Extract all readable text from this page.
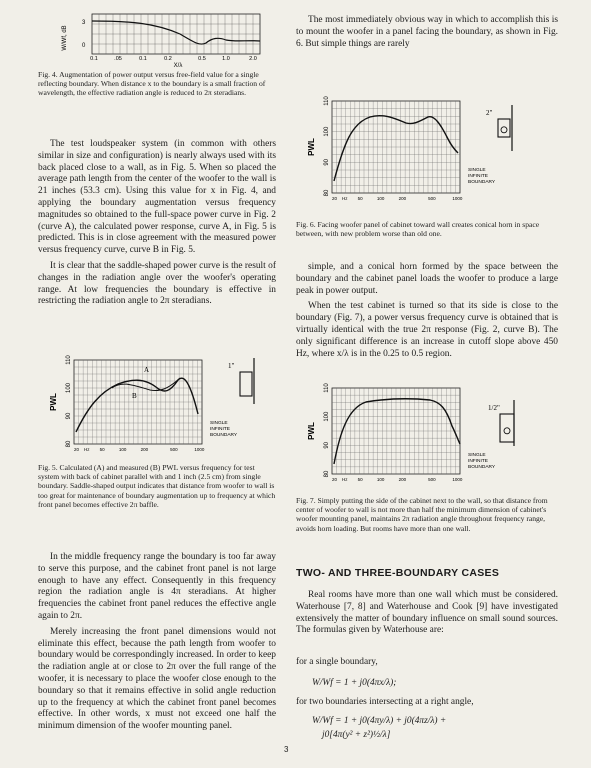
W/Wf, dB
3
0
0.1	.05	0.1	0.2	0.5	1.0	2.0
X/λ
Fig. 4. Augmentation of power output versus free-field value for a single reflecting boundary. When distance x to the boundary is a small fraction of wavelength, the effective radiation angle is reduced to 2π steradians.

The test loudspeaker system (in common with others similar in size and configuration) is nearly always used with its back placed close to a wall, as in Fig. 5. When so placed the average path length from the center of the woofer to the wall is 21 inches (53.3 cm). Using this value for x in Fig. 4, and applying the boundary augmentation versus frequency magnitudes so obtained to the full-space power curve in Fig. 2 (curve A), the calculated power response, curve A, in Fig. 5 is predicted. This is in close agreement with the measured power versus frequency curve, curve B in Fig. 5.

It is clear that the saddle-shaped power curve is the result of changes in the radiation angle over the woofer's operating range. At low frequencies the boundary is effective in restricting the radiation angle to 2π steradians.

PWL
110
100
90
80
20 Hz 50	100	200	500	1000
1"
SINGLE
INFINITE
BOUNDARY
A
B
Fig. 5. Calculated (A) and measured (B) PWL versus frequency for test system with back of cabinet parallel with and 1 inch (2.5 cm) from single boundary. Saddle-shaped output indicates that distance from woofer to wall is too great for maintenance of boundary augmentation up to frequency at which front panel becomes effective 2π baffle.

In the middle frequency range the boundary is too far away to serve this purpose, and the cabinet front panel is not large enough to have any effect. Consequently in this frequency region the radiation angle is 4π steradians. At higher frequencies the cabinet front panel reduces the effective angle again to 2π.

Merely increasing the front panel dimensions would not eliminate this effect, because the path length from woofer to boundary would be correspondingly increased. In order to keep the radiation angle at or close to 2π over the full range of the woofer, it is necessary to place the woofer close enough to the boundary so that it remains effective in solid angle reduction up to the frequency at which the cabinet front panel becomes effective. In other words, x must not exceed one half the minimum dimension of the woofer mounting panel.

The most immediately obvious way in which to accomplish this is to mount the woofer in a panel facing the boundary, as shown in Fig. 6. But simple things are rarely

PWL
110
100
90
80
20 Hz 50	100	200	500	1000
2"
SINGLE
INFINITE
BOUNDARY
Fig. 6. Facing woofer panel of cabinet toward wall creates conical horn in space between, with new problem worse than old one.

simple, and a conical horn formed by the space between the boundary and the cabinet panel loads the woofer to produce a large peak in power output.

When the test cabinet is turned so that its side is close to the boundary (Fig. 7), a power versus frequency curve is obtained that is virtually identical with the true 2π response (Fig. 2, curve B). The only significant difference is an increase in cutoff slope above 450 Hz, where x/λ is in the 0.25 to 0.5 region.

PWL
110
100
90
80
20 Hz 50	100	200	500	1000
1/2"
SINGLE
INFINITE
BOUNDARY
Fig. 7. Simply putting the side of the cabinet next to the wall, so that distance from center of woofer to wall is not more than half the minimum dimension of cabinet's woofer mounting panel, maintains 2π radiation angle throughout frequency range, avoids horn loading. But rooms have more than one wall.
TWO- AND THREE-BOUNDARY CASES

Real rooms have more than one wall which must be considered. Waterhouse [7, 8] and Waterhouse and Cook [9] have investigated extensively the matter of boundary influence on small sound sources. The formulas given by Waterhouse are:

for a single boundary,
W/Wf = 1 + j0(4πx/λ);
for two boundaries intersecting at a right angle,
W/Wf = 1 + j0(4πy/λ) + j0(4πz/λ) +
j0[4π(y² + z²)½/λ]
3
